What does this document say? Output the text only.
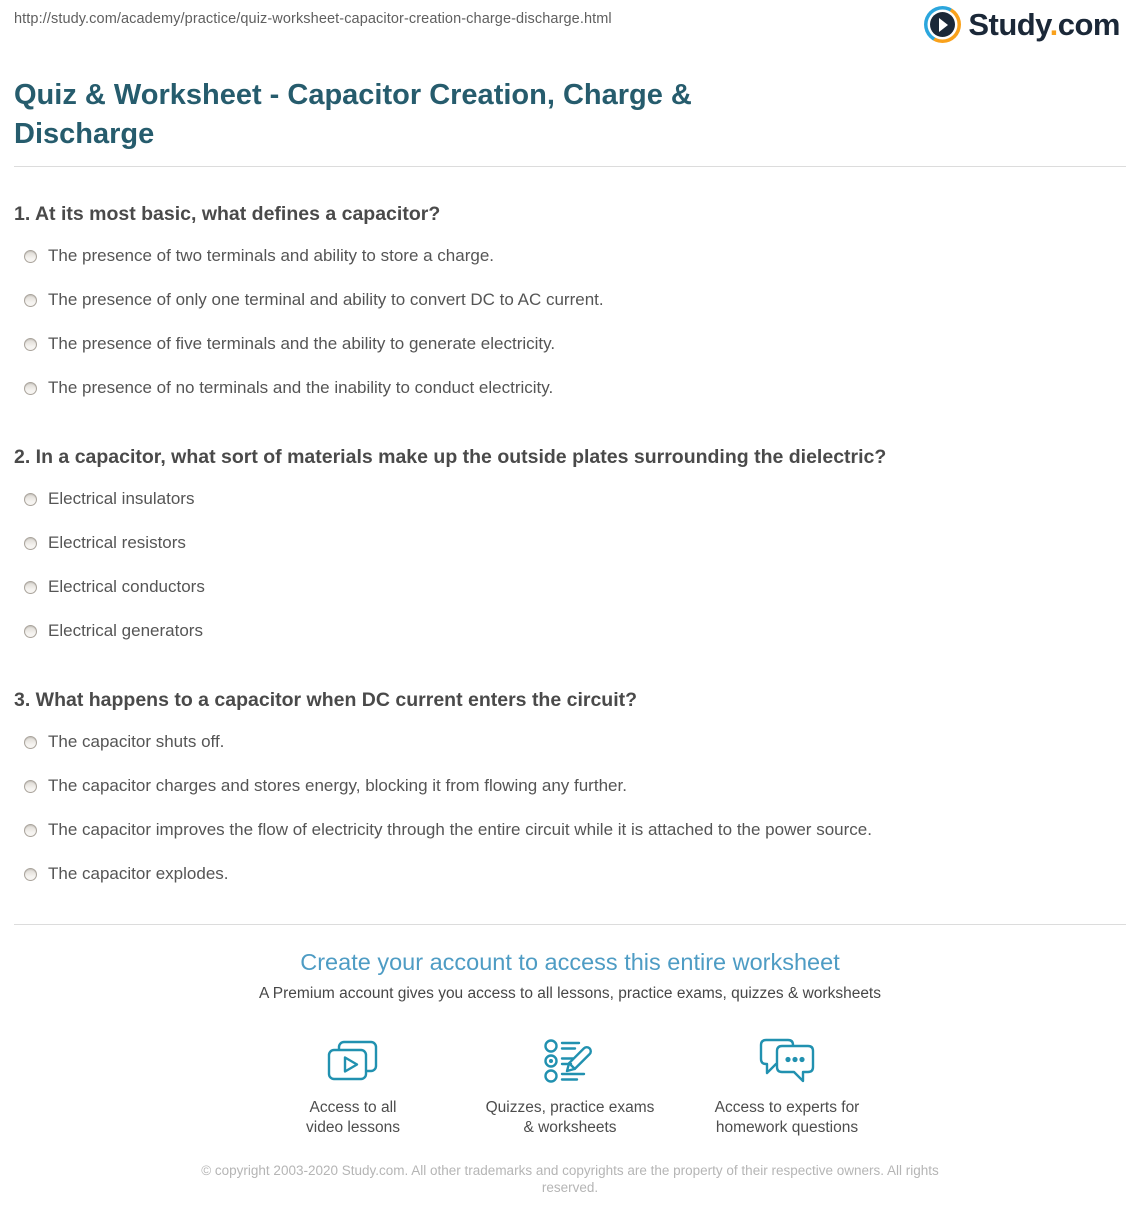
http://study.com/academy/practice/quiz-worksheet-capacitor-creation-charge-discharge.html	Study.com
Quiz & Worksheet - Capacitor Creation, Charge & Discharge
1. At its most basic, what defines a capacitor?
The presence of two terminals and ability to store a charge.
The presence of only one terminal and ability to convert DC to AC current.
The presence of five terminals and the ability to generate electricity.
The presence of no terminals and the inability to conduct electricity.
2. In a capacitor, what sort of materials make up the outside plates surrounding the dielectric?
Electrical insulators
Electrical resistors
Electrical conductors
Electrical generators
3. What happens to a capacitor when DC current enters the circuit?
The capacitor shuts off.
The capacitor charges and stores energy, blocking it from flowing any further.
The capacitor improves the flow of electricity through the entire circuit while it is attached to the power source.
The capacitor explodes.
Create your account to access this entire worksheet
A Premium account gives you access to all lessons, practice exams, quizzes & worksheets
Access to all
video lessons
Quizzes, practice exams
& worksheets
Access to experts for
homework questions
© copyright 2003-2020 Study.com. All other trademarks and copyrights are the property of their respective owners. All rights reserved.
